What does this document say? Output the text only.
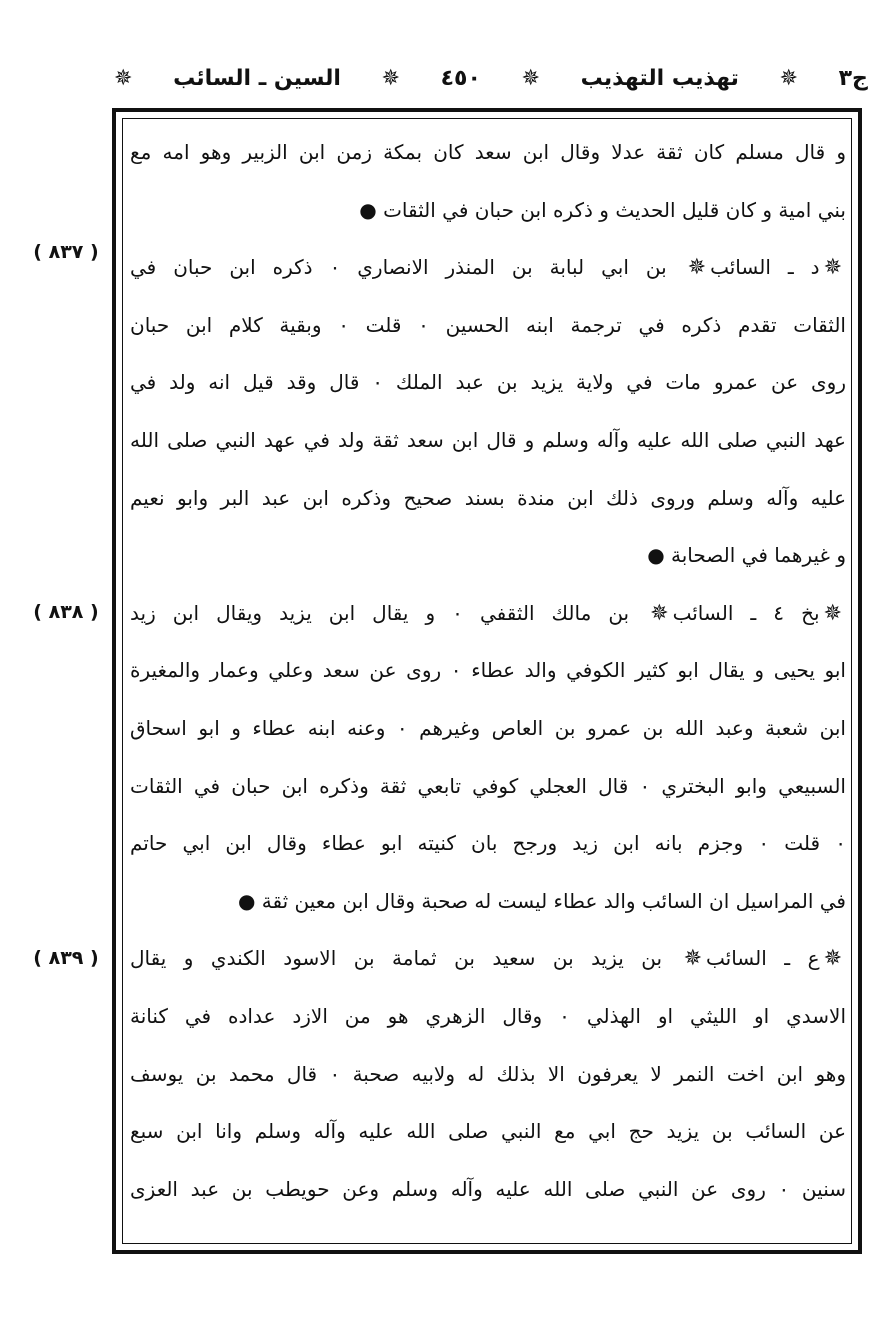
ج٣
✵
تهذيب التهذيب
✵
٤٥٠
✵
السين ـ السائب
✵
( ٨٣٧ )
( ٨٣٨ )
( ٨٣٩ )
و قال مسلم كان ثقة عدلا وقال ابن سعد كان بمكة زمن ابن الزبير وهو امه مع
بني امية و كان قليل الحديث و ذكره ابن حبان في الثقات ●
✵د ـ السائب✵ بن ابي لبابة بن المنذر الانصاري ٠ ذكره ابن حبان في
الثقات تقدم ذكره في ترجمة ابنه الحسين ٠ قلت ٠ وبقية كلام ابن حبان
روى عن عمرو مات في ولاية يزيد بن عبد الملك ٠ قال وقد قيل انه ولد في
عهد النبي صلى الله عليه وآله وسلم و قال ابن سعد ثقة ولد في عهد النبي صلى الله
عليه وآله وسلم وروى ذلك ابن مندة بسند صحيح وذكره ابن عبد البر وابو نعيم
و غيرهما في الصحابة ●
✵بخ ٤ ـ السائب✵ بن مالك الثقفي ٠ و يقال ابن يزيد ويقال ابن زيد
ابو يحيى و يقال ابو كثير الكوفي والد عطاء ٠ روى عن سعد وعلي وعمار والمغيرة
ابن شعبة وعبد الله بن عمرو بن العاص وغيرهم ٠ وعنه ابنه عطاء و ابو اسحاق
السبيعي وابو البختري ٠ قال العجلي كوفي تابعي ثقة وذكره ابن حبان في الثقات
٠ قلت ٠ وجزم بانه ابن زيد ورجح بان كنيته ابو عطاء وقال ابن ابي حاتم
في المراسيل ان السائب والد عطاء ليست له صحبة وقال ابن معين ثقة ●
✵ع ـ السائب✵ بن يزيد بن سعيد بن ثمامة بن الاسود الكندي و يقال
الاسدي او الليثي او الهذلي ٠ وقال الزهري هو من الازد عداده في كنانة
وهو ابن اخت النمر لا يعرفون الا بذلك له ولابيه صحبة ٠ قال محمد بن يوسف
عن السائب بن يزيد حج ابي مع النبي صلى الله عليه وآله وسلم وانا ابن سبع
سنين ٠ روى عن النبي صلى الله عليه وآله وسلم وعن حويطب بن عبد العزى
